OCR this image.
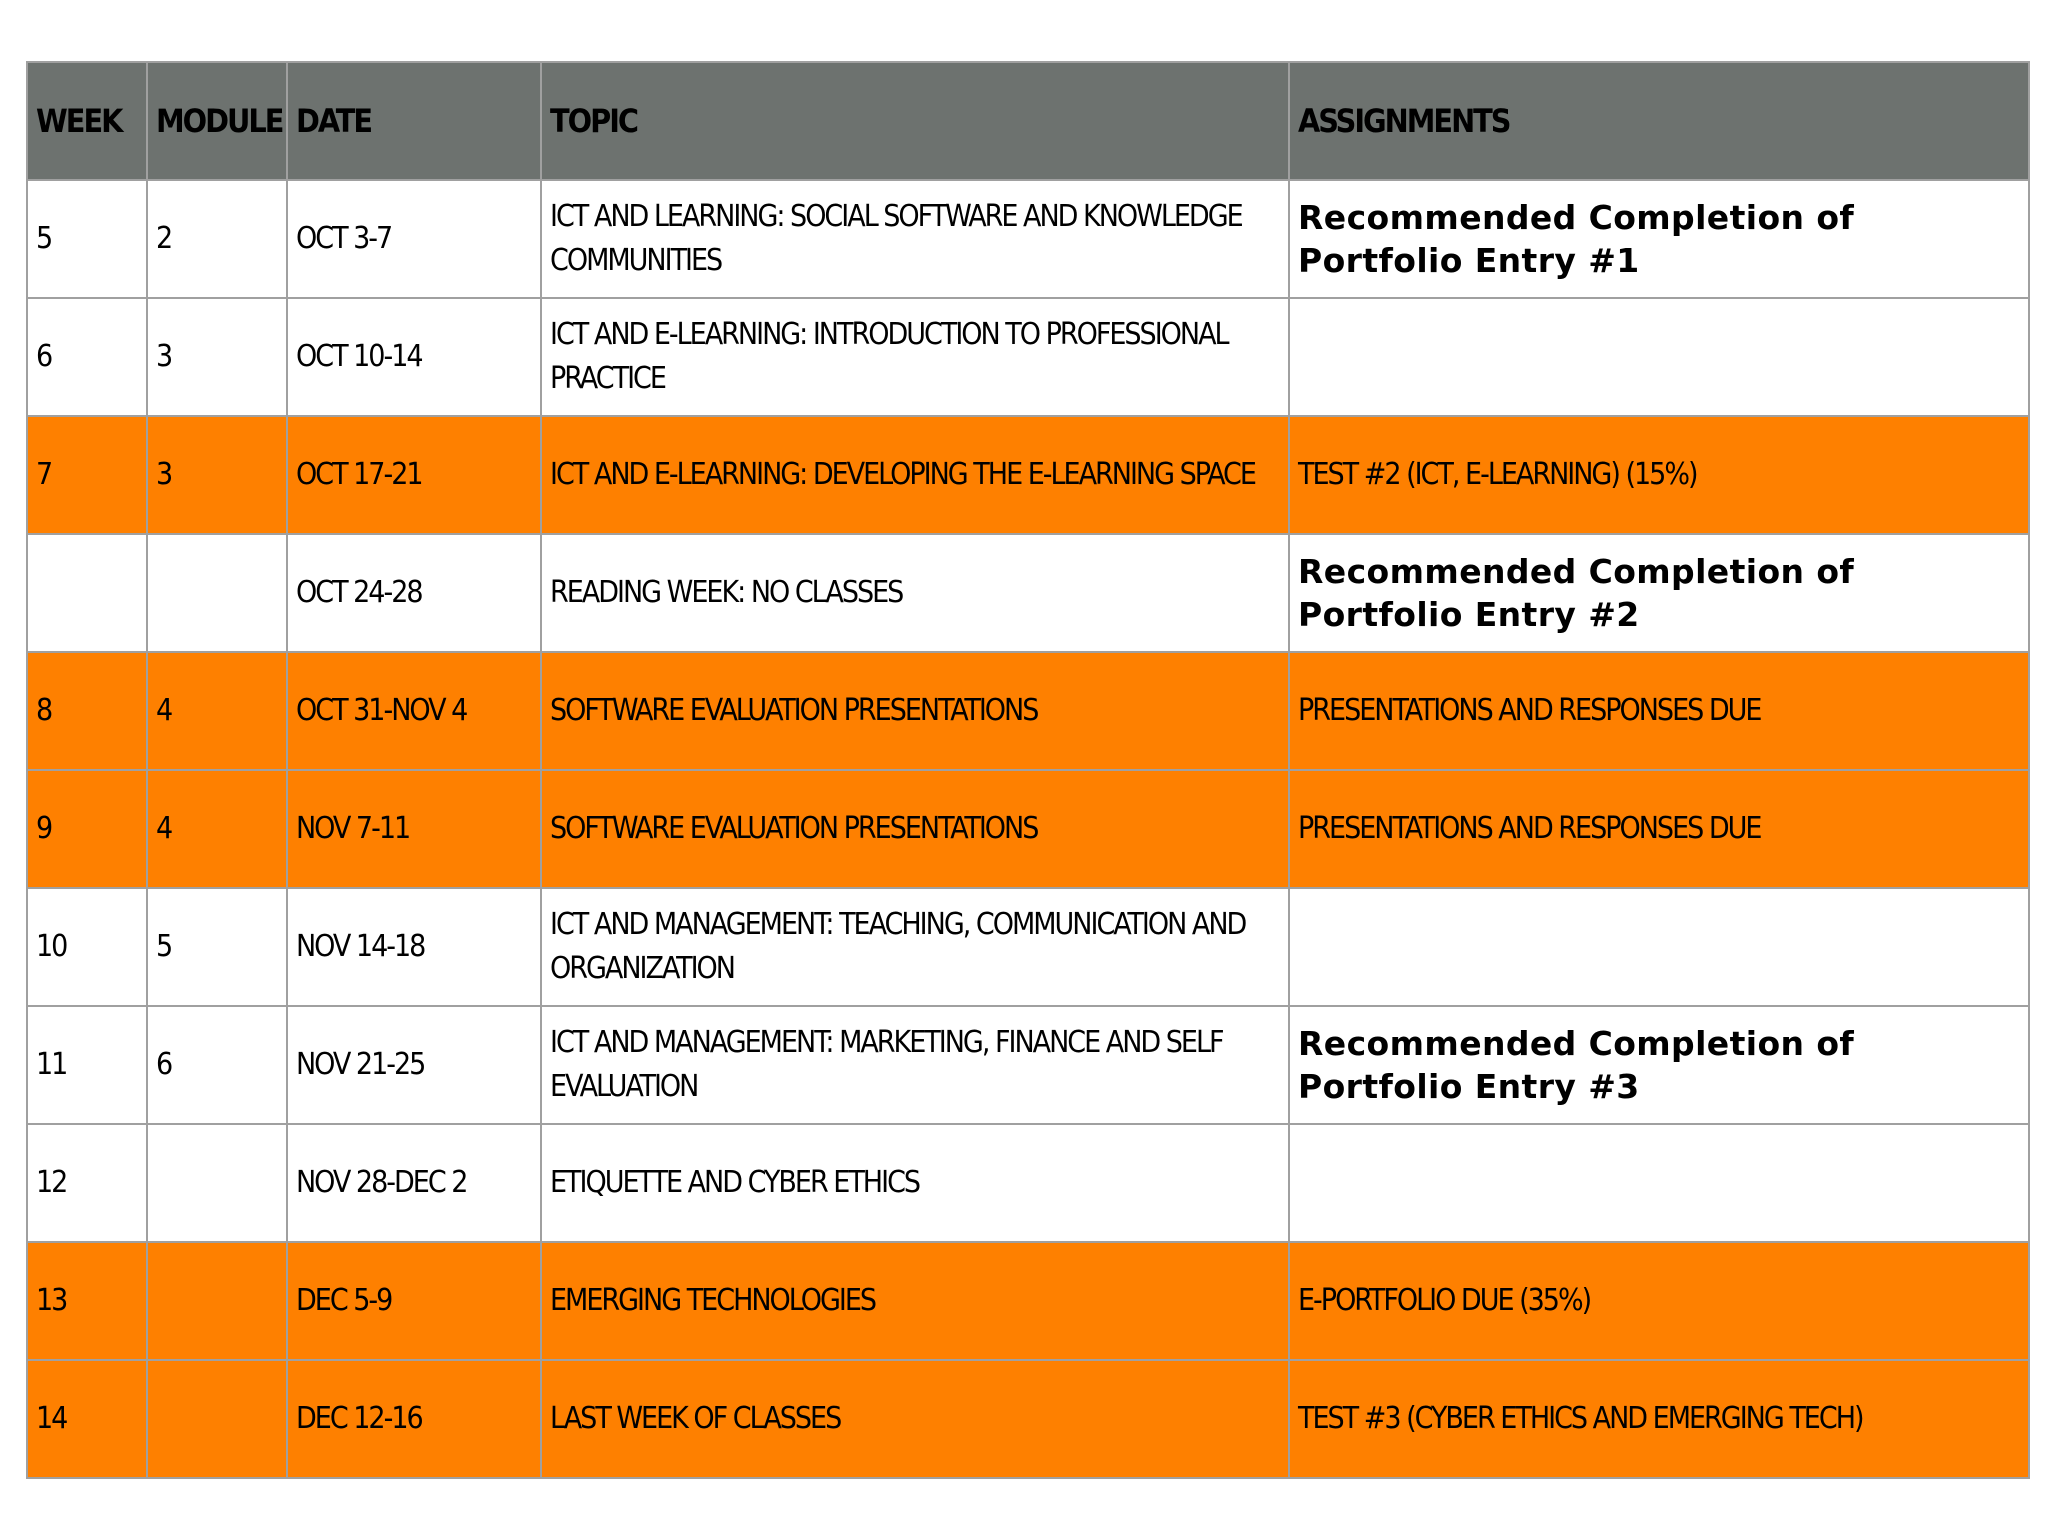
WEEK	MODULE	DATE	TOPIC	ASSIGNMENTS
5	2	OCT 3-7	ICT AND LEARNING: SOCIAL SOFTWARE AND KNOWLEDGE COMMUNITIES	Recommended Completion of Portfolio Entry #1
6	3	OCT 10-14	ICT AND E-LEARNING: INTRODUCTION TO PROFESSIONAL PRACTICE	
7	3	OCT 17-21	ICT AND E-LEARNING: DEVELOPING THE E-LEARNING SPACE	TEST #2 (ICT, E-LEARNING) (15%)
		OCT 24-28	READING WEEK: NO CLASSES	Recommended Completion of Portfolio Entry #2
8	4	OCT 31-NOV 4	SOFTWARE EVALUATION PRESENTATIONS	PRESENTATIONS AND RESPONSES DUE
9	4	NOV 7-11	SOFTWARE EVALUATION PRESENTATIONS	PRESENTATIONS AND RESPONSES DUE
10	5	NOV 14-18	ICT AND MANAGEMENT: TEACHING, COMMUNICATION AND ORGANIZATION	
11	6	NOV 21-25	ICT AND MANAGEMENT: MARKETING, FINANCE AND SELF EVALUATION	Recommended Completion of Portfolio Entry #3
12		NOV 28-DEC 2	ETIQUETTE AND CYBER ETHICS	
13		DEC 5-9	EMERGING TECHNOLOGIES	E-PORTFOLIO DUE (35%)
14		DEC 12-16	LAST WEEK OF CLASSES	TEST #3 (CYBER ETHICS AND EMERGING TECH)
